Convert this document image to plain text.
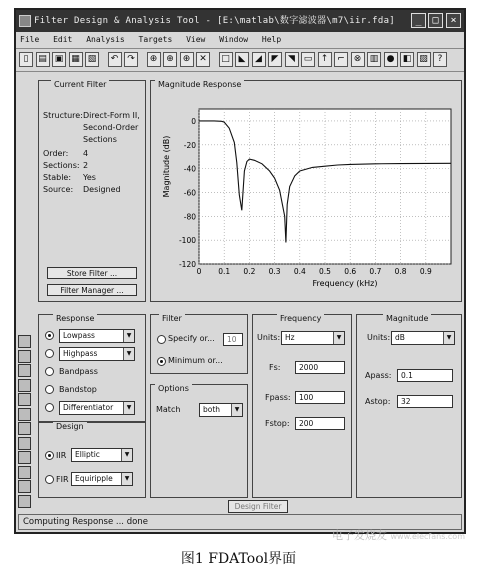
Filter Design & Analysis Tool - [E:\matlab\数字滤波器\m7\iir.fda]	_	□	×
File Edit Analysis Targets View Window Help
▯	▤ ▣ ▦ ▧	↶ ↷	⊕ ⊕ ⊕ ✕	□ ◣	◢	◤	◥ ▭ ↑ ⌐ ⊗ ▥ ● ◧ ▨	?
Current Filter
Structure: Direct-Form II,
Second-Order
Sections
Order: 4
Sections: 2
Stable: Yes
Source: Designed
Store Filter ...
Filter Manager ...
Magnitude Response
0 0.1 0.2 0.3 0.4 0.5 0.6 0.7 0.8 0.9
0
-20
-40
-60
-80
-100
-120
Frequency (kHz)
Magnitude (dB)
Response
Lowpass	▼
Highpass	▼
Bandpass
Bandstop
Differentiator	▼
Design
IIR	Elliptic	▼
FIR Equiripple	▼
Filter
Specify or...	10
Minimum or...
Options
Match	both	▼
Frequency
Units: Hz	▼
Fs:	2000
Fpass:	100
Fstop:	200
Magnitude
Units: dB	▼
Apass:	0.1
Astop:	32
Design Filter
Computing Response ... done
图1 FDATool界面
电子发烧友 www.elecfans.com
